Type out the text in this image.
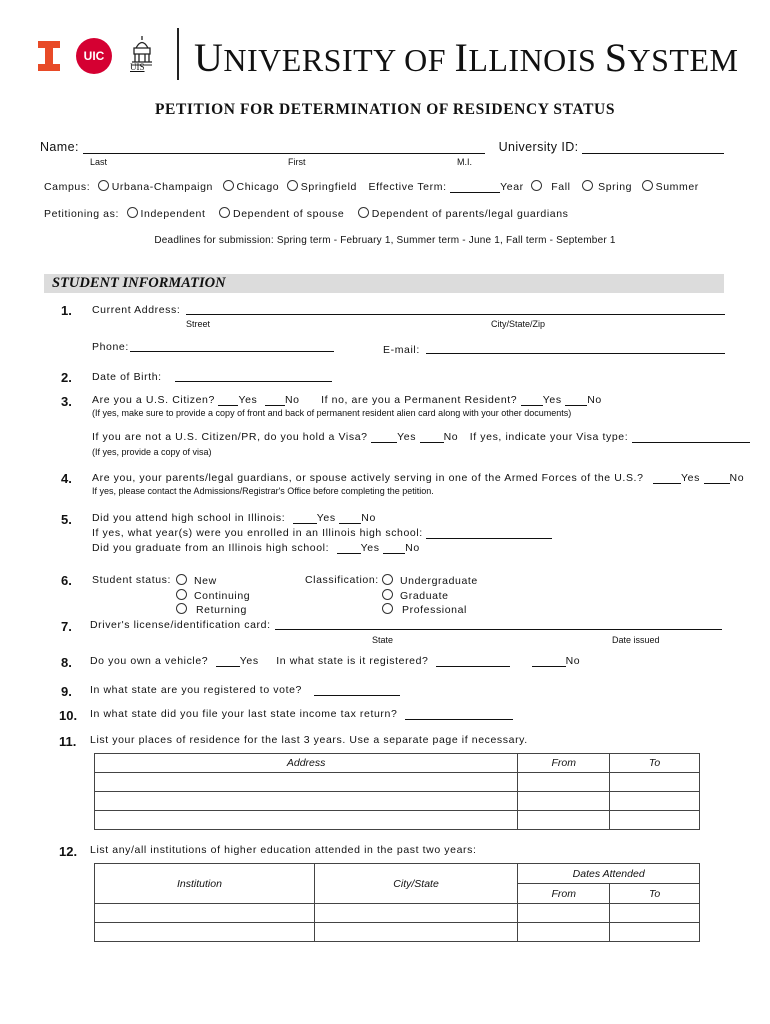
UIC
UIS UNIVERSITY OF ILLINOIS SYSTEM
PETITION FOR DETERMINATION OF RESIDENCY STATUS
Name:	University ID:
Last	First	M.I.
Campus: Urbana-Champaign Chicago Springfield Effective Term:	Year	Fall	Spring Summer
Petitioning as: Independent	Dependent of spouse	Dependent of parents/legal guardians
Deadlines for submission: Spring term - February 1, Summer term - June 1, Fall term - September 1
STUDENT INFORMATION
1. Current Address:
Street	City/State/Zip
Phone:	E-mail:
2. Date of Birth:
3. Are you a U.S. Citizen? Yes	No If no, are you a Permanent Resident? Yes No
(If yes, make sure to provide a copy of front and back of permanent resident alien card along with your other documents)
If you are not a U.S. Citizen/PR, do you hold a Visa?	Yes	No If yes, indicate your Visa type:
(If yes, provide a copy of visa)
4. Are you, your parents/legal guardians, or spouse actively serving in one of the Armed Forces of the U.S.?	Yes	No
If yes, please contact the Admissions/Registrar's Office before completing the petition.
5. Did you attend high school in Illinois:	Yes No
If yes, what year(s) were you enrolled in an Illinois high school:
Did you graduate from an Illinois high school:	Yes No
6. Student status:	New
Continuing
Returning
Classification:	Undergraduate
Graduate
Professional
7. Driver's license/identification card:
State	Date issued
8. Do you own a vehicle?	Yes In what state is it registered?	No
9. In what state are you registered to vote?
10. In what state did you file your last state income tax return?
11. List your places of residence for the last 3 years. Use a separate page if necessary.
Address	From	To

12. List any/all institutions of higher education attended in the past two years:
Institution	City/State	Dates Attended	
		From	To
